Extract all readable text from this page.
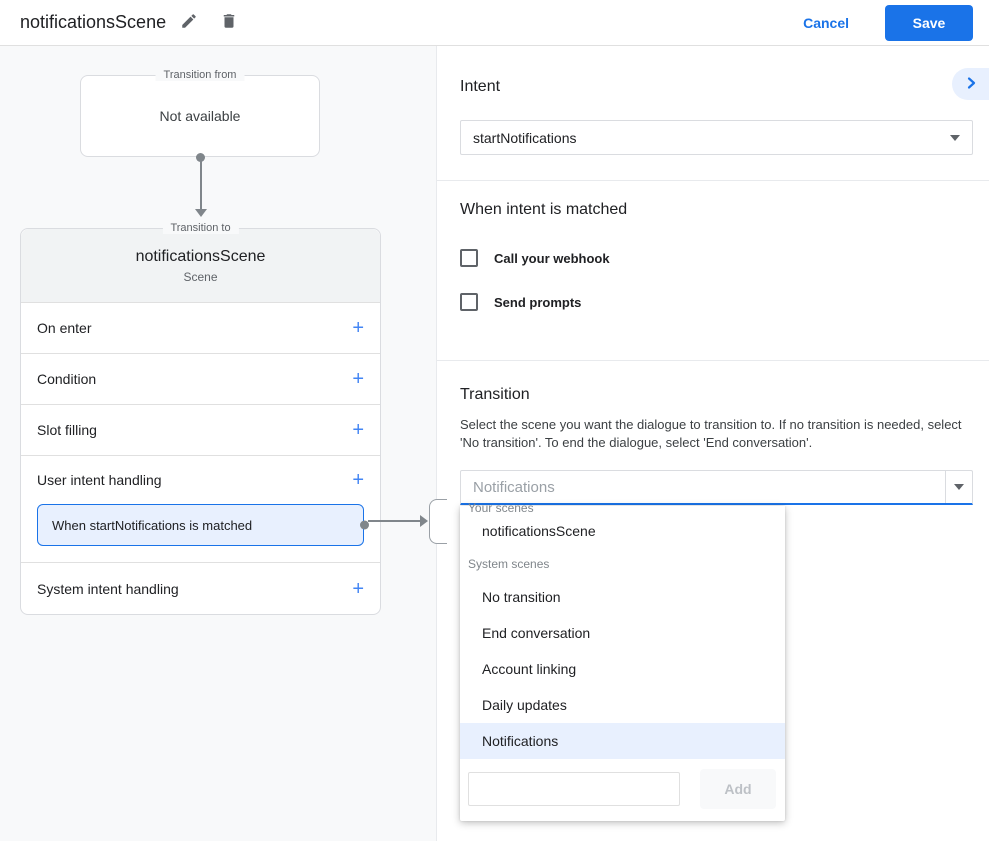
notificationsScene	Cancel	Save
Transition from
Not available
Transition to
notificationsScene
Scene
On enter
+
Condition
+
Slot filling
+
User intent handling
+
When startNotifications is matched
System intent handling
+
Intent
startNotifications
When intent is matched
Call your webhook
Send prompts
Transition

Select the scene you want the dialogue to transition to. If no transition is needed, select 'No transition'. To end the dialogue, select 'End conversation'.

Notifications
Your scenes
notificationsScene
System scenes
No transition
End conversation
Account linking
Daily updates
Notifications
Add
